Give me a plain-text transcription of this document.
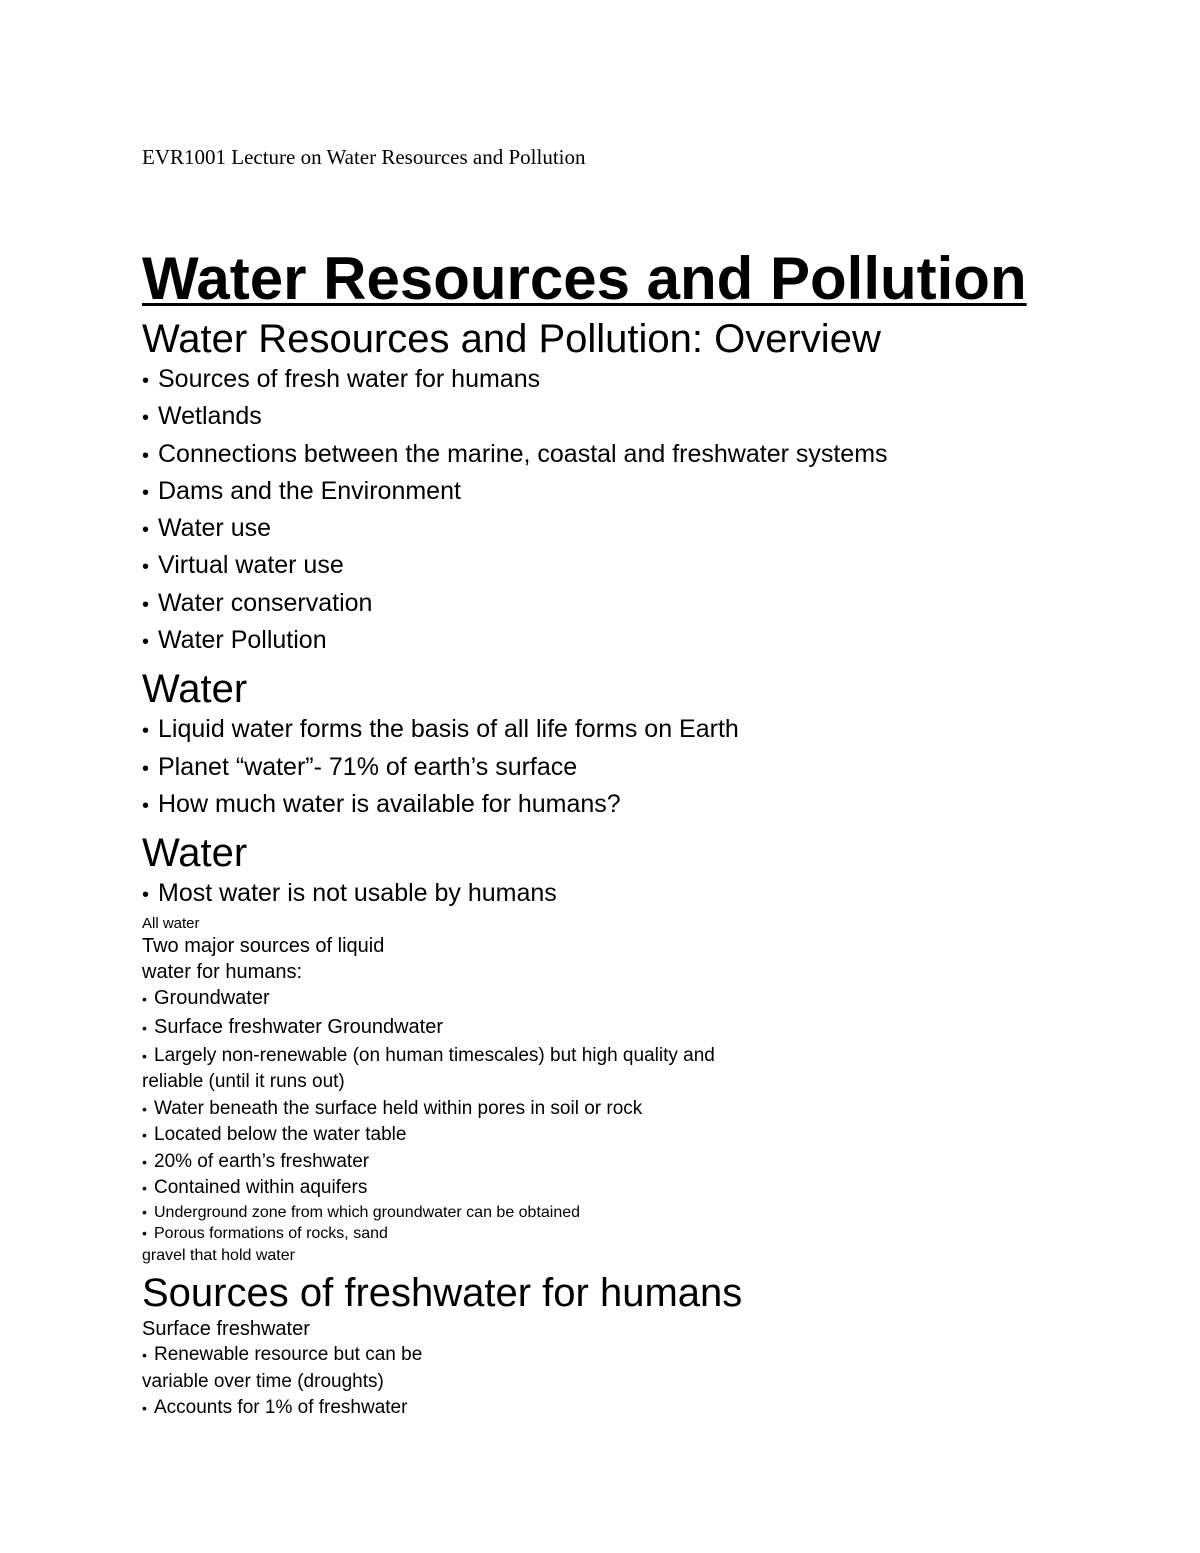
EVR1001 Lecture on Water Resources and Pollution
Water Resources and Pollution
Water Resources and Pollution: Overview
• Sources of fresh water for humans
• Wetlands
• Connections between the marine, coastal and freshwater systems
• Dams and the Environment
• Water use
• Virtual water use
• Water conservation
• Water Pollution
Water
• Liquid water forms the basis of all life forms on Earth
• Planet “water”- 71% of earth’s surface
• How much water is available for humans?
Water
• Most water is not usable by humans

All water

Two major sources of liquid

water for humans:

• Groundwater

• Surface freshwater Groundwater

• Largely non-renewable (on human timescales) but high quality and

reliable (until it runs out)

• Water beneath the surface held within pores in soil or rock

• Located below the water table

• 20% of earth’s freshwater

• Contained within aquifers

• Underground zone from which groundwater can be obtained

• Porous formations of rocks, sand

gravel that hold water

Sources of freshwater for humans

Surface freshwater

• Renewable resource but can be

variable over time (droughts)

• Accounts for 1% of freshwater
